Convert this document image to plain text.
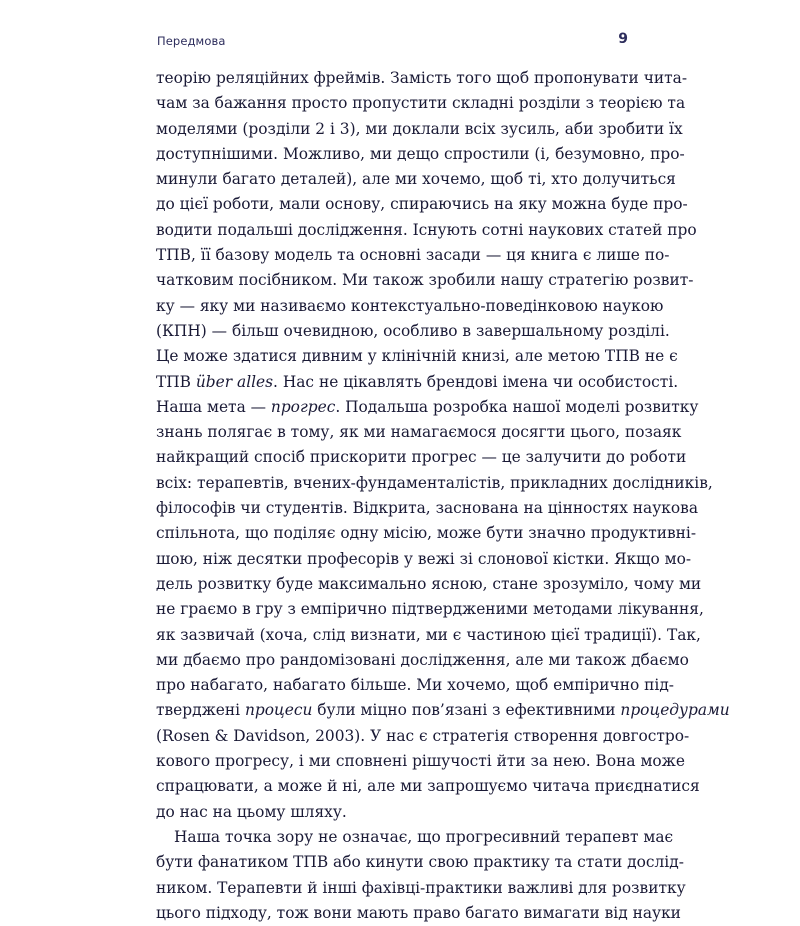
Передмова	9
теорію реляційних фреймів. Замість того щоб пропонувати чита-
чам за бажання просто пропустити складні розділи з теорією та
моделями (розділи 2 і 3), ми доклали всіх зусиль, аби зробити їх
доступнішими. Можливо, ми дещо спростили (і, безумовно, про-
минули багато деталей), але ми хочемо, щоб ті, хто долучиться
до цієї роботи, мали основу, спираючись на яку можна буде про-
водити подальші дослідження. Існують сотні наукових статей про
ТПВ, її базову модель та основні засади — ця книга є лише по-
чатковим посібником. Ми також зробили нашу стратегію розвит-
ку — яку ми називаємо контекстуально-поведінковою наукою
(КПН) — більш очевидною, особливо в завершальному розділі.
Це може здатися дивним у клінічній книзі, але метою ТПВ не є
ТПВ über alles. Нас не цікавлять брендові імена чи особистості.
Наша мета — прогрес. Подальша розробка нашої моделі розвитку
знань полягає в тому, як ми намагаємося досягти цього, позаяк
найкращий спосіб прискорити прогрес — це залучити до роботи
всіх: терапевтів, вчених-фундаменталістів, прикладних дослідників,
філософів чи студентів. Відкрита, заснована на цінностях наукова
спільнота, що поділяє одну місію, може бути значно продуктивні-
шою, ніж десятки професорів у вежі зі слонової кістки. Якщо мо-
дель розвитку буде максимально ясною, стане зрозуміло, чому ми
не граємо в гру з емпірично підтвердженими методами лікування,
як зазвичай (хоча, слід визнати, ми є частиною цієї традиції). Так,
ми дбаємо про рандомізовані дослідження, але ми також дбаємо
про набагато, набагато більше. Ми хочемо, щоб емпірично під-
тверджені процеси були міцно пов’язані з ефективними процедурами
(Rosen & Davidson, 2003). У нас є стратегія створення довгостро-
кового прогресу, і ми сповнені рішучості йти за нею. Вона може
спрацювати, а може й ні, але ми запрошуємо читача приєднатися
до нас на цьому шляху.
Наша точка зору не означає, що прогресивний терапевт має
бути фанатиком ТПВ або кинути свою практику та стати дослід-
ником. Терапевти й інші фахівці-практики важливі для розвитку
цього підходу, тож вони мають право багато вимагати від науки
